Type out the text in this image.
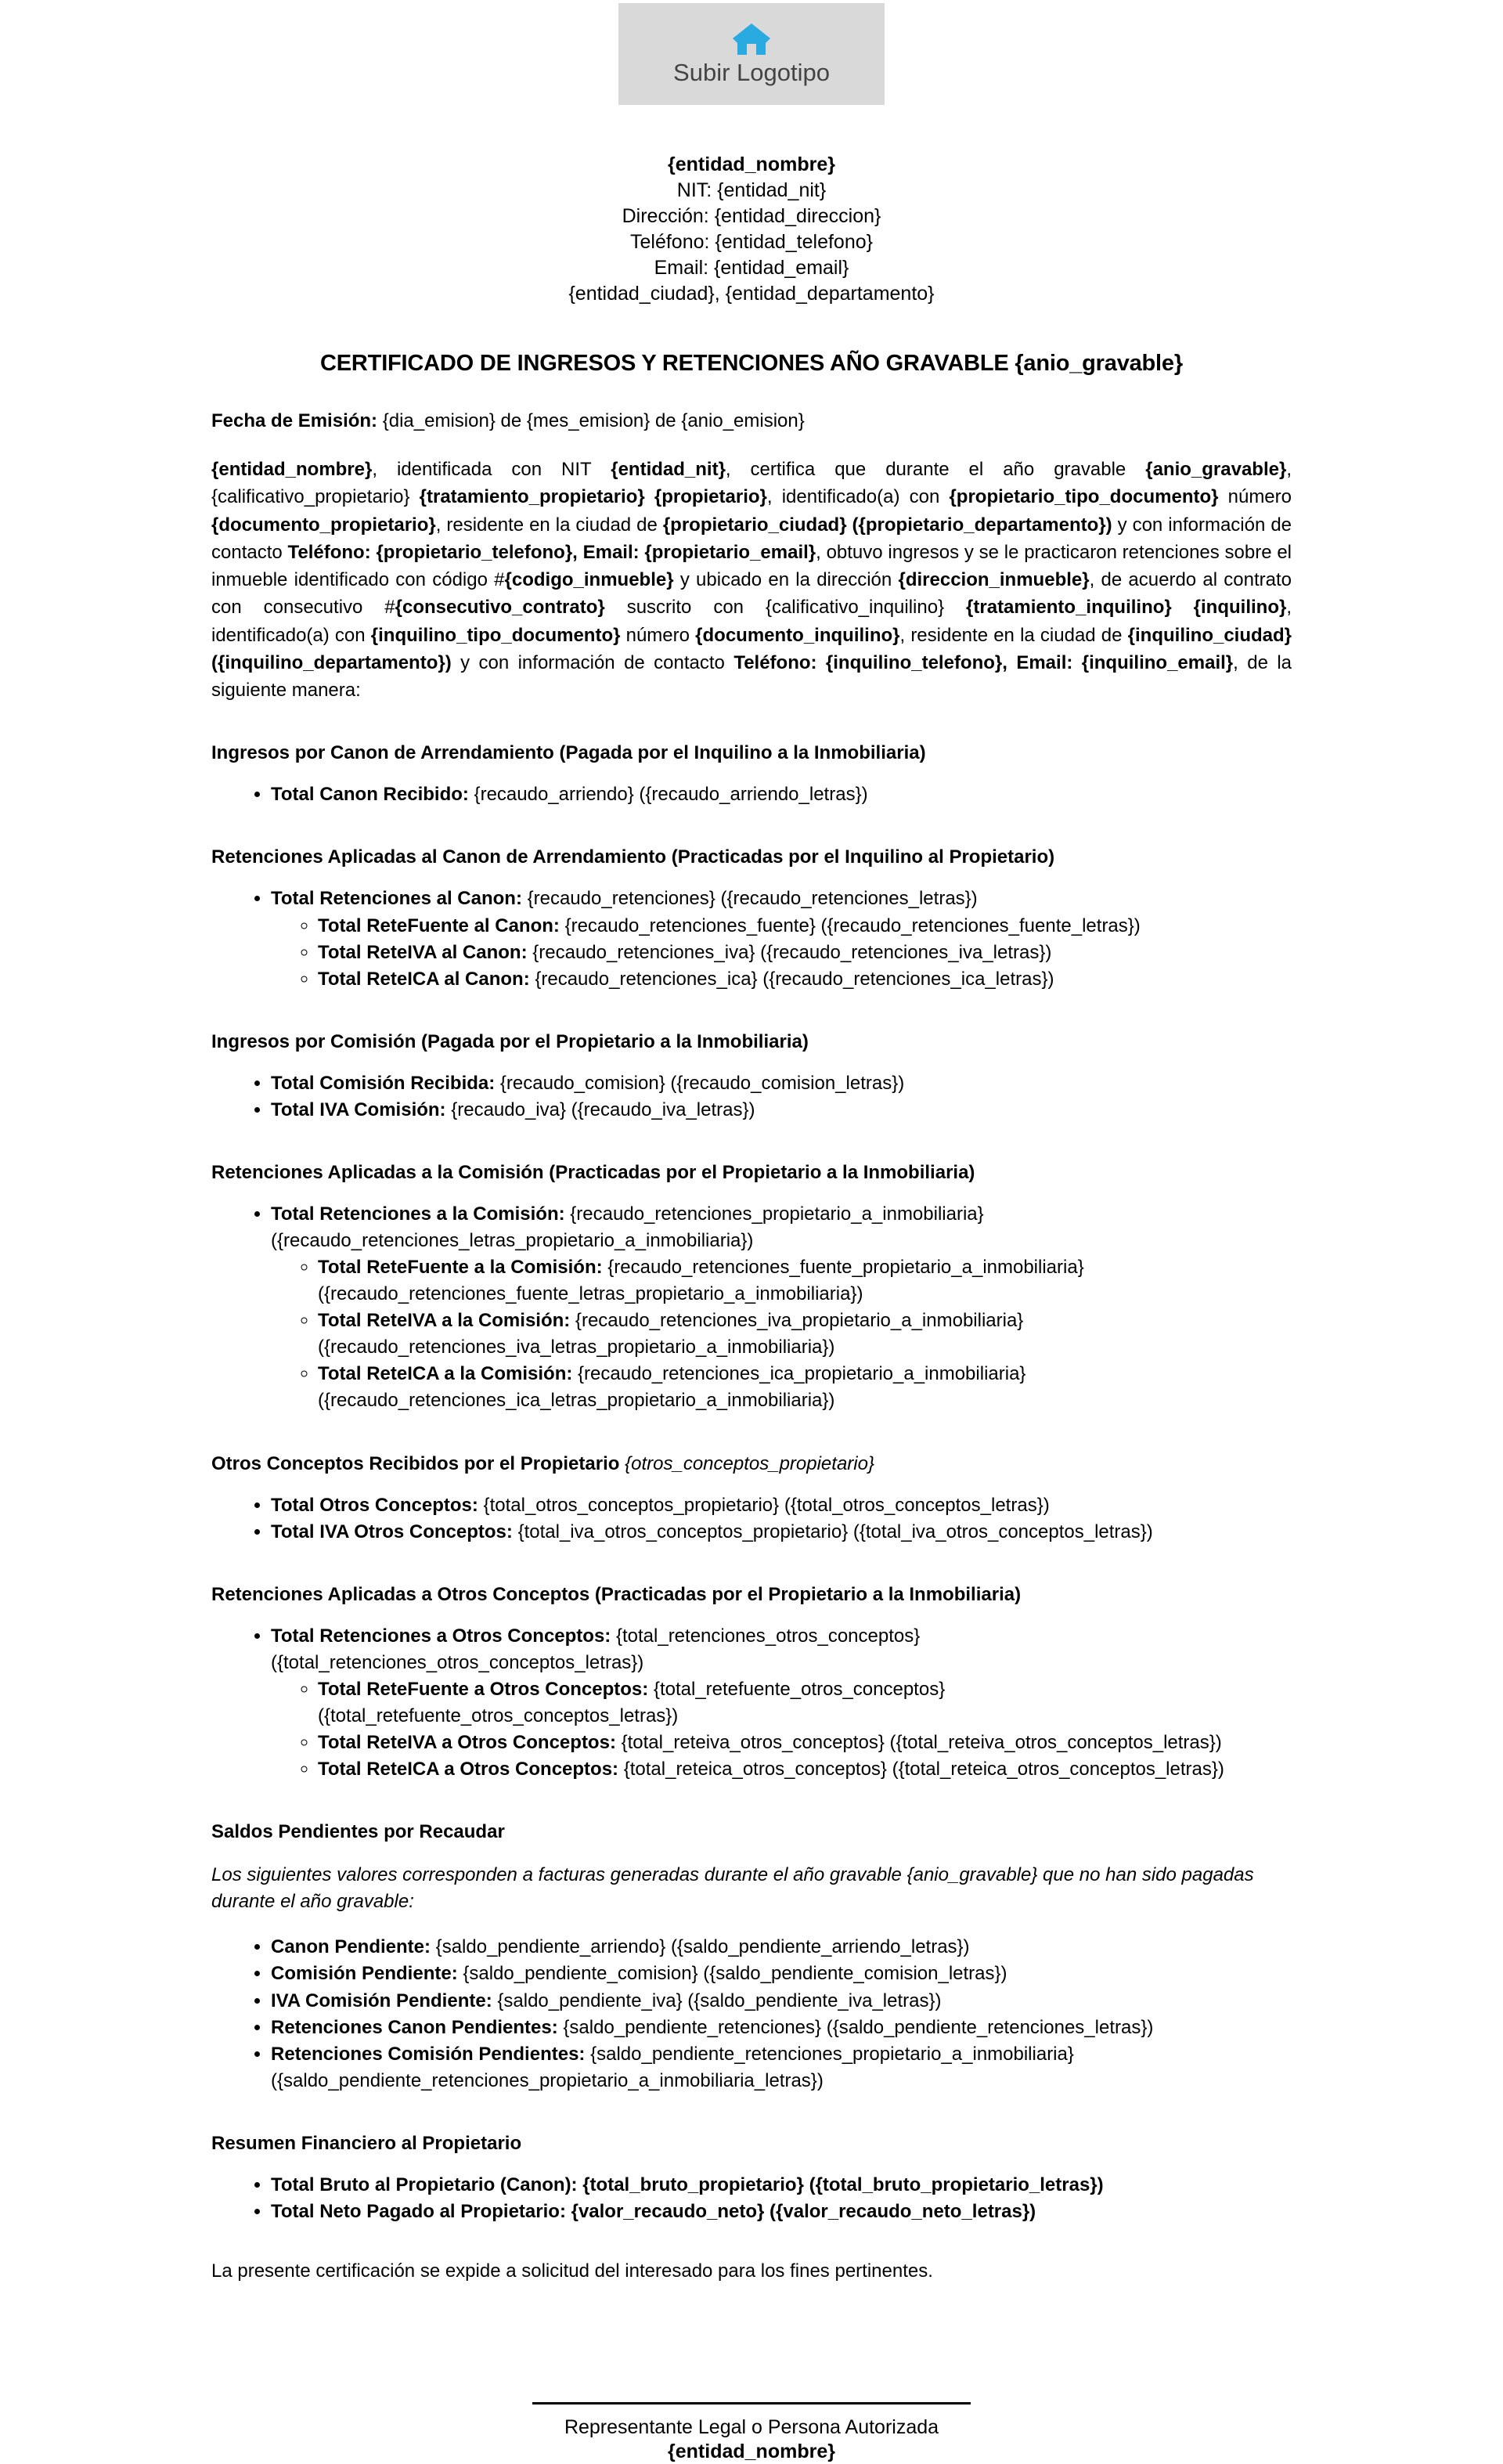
Subir Logotipo
{entidad_nombre}
NIT: {entidad_nit}
Dirección: {entidad_direccion}
Teléfono: {entidad_telefono}
Email: {entidad_email}
{entidad_ciudad}, {entidad_departamento}
CERTIFICADO DE INGRESOS Y RETENCIONES AÑO GRAVABLE {anio_gravable}
Fecha de Emisión: {dia_emision} de {mes_emision} de {anio_emision}

{entidad_nombre}, identificada con NIT {entidad_nit}, certifica que durante el año gravable {anio_gravable}, {calificativo_propietario} {tratamiento_propietario} {propietario}, identificado(a) con {propietario_tipo_documento} número {documento_propietario}, residente en la ciudad de {propietario_ciudad} ({propietario_departamento}) y con información de contacto Teléfono: {propietario_telefono}, Email: {propietario_email}, obtuvo ingresos y se le practicaron retenciones sobre el inmueble identificado con código #{codigo_inmueble} y ubicado en la dirección {direccion_inmueble}, de acuerdo al contrato con consecutivo #{consecutivo_contrato} suscrito con {calificativo_inquilino} {tratamiento_inquilino} {inquilino}, identificado(a) con {inquilino_tipo_documento} número {documento_inquilino}, residente en la ciudad de {inquilino_ciudad} ({inquilino_departamento}) y con información de contacto Teléfono: {inquilino_telefono}, Email: {inquilino_email}, de la siguiente manera:

Ingresos por Canon de Arrendamiento (Pagada por el Inquilino a la Inmobiliaria)
• Total Canon Recibido: {recaudo_arriendo} ({recaudo_arriendo_letras})
Retenciones Aplicadas al Canon de Arrendamiento (Practicadas por el Inquilino al Propietario)
• Total Retenciones al Canon: {recaudo_retenciones} ({recaudo_retenciones_letras})
◦ Total ReteFuente al Canon: {recaudo_retenciones_fuente} ({recaudo_retenciones_fuente_letras})
◦ Total ReteIVA al Canon: {recaudo_retenciones_iva} ({recaudo_retenciones_iva_letras})
◦ Total ReteICA al Canon: {recaudo_retenciones_ica} ({recaudo_retenciones_ica_letras})
Ingresos por Comisión (Pagada por el Propietario a la Inmobiliaria)
• Total Comisión Recibida: {recaudo_comision} ({recaudo_comision_letras})
• Total IVA Comisión: {recaudo_iva} ({recaudo_iva_letras})
Retenciones Aplicadas a la Comisión (Practicadas por el Propietario a la Inmobiliaria)
• Total Retenciones a la Comisión: {recaudo_retenciones_propietario_a_inmobiliaria} ({recaudo_retenciones_letras_propietario_a_inmobiliaria})
◦ Total ReteFuente a la Comisión: {recaudo_retenciones_fuente_propietario_a_inmobiliaria} ({recaudo_retenciones_fuente_letras_propietario_a_inmobiliaria})
◦ Total ReteIVA a la Comisión: {recaudo_retenciones_iva_propietario_a_inmobiliaria} ({recaudo_retenciones_iva_letras_propietario_a_inmobiliaria})
◦ Total ReteICA a la Comisión: {recaudo_retenciones_ica_propietario_a_inmobiliaria} ({recaudo_retenciones_ica_letras_propietario_a_inmobiliaria})
Otros Conceptos Recibidos por el Propietario {otros_conceptos_propietario}
• Total Otros Conceptos: {total_otros_conceptos_propietario} ({total_otros_conceptos_letras})
• Total IVA Otros Conceptos: {total_iva_otros_conceptos_propietario} ({total_iva_otros_conceptos_letras})
Retenciones Aplicadas a Otros Conceptos (Practicadas por el Propietario a la Inmobiliaria)
• Total Retenciones a Otros Conceptos: {total_retenciones_otros_conceptos} ({total_retenciones_otros_conceptos_letras})
◦ Total ReteFuente a Otros Conceptos: {total_retefuente_otros_conceptos} ({total_retefuente_otros_conceptos_letras})
◦ Total ReteIVA a Otros Conceptos: {total_reteiva_otros_conceptos} ({total_reteiva_otros_conceptos_letras})
◦ Total ReteICA a Otros Conceptos: {total_reteica_otros_conceptos} ({total_reteica_otros_conceptos_letras})
Saldos Pendientes por Recaudar

Los siguientes valores corresponden a facturas generadas durante el año gravable {anio_gravable} que no han sido pagadas durante el año gravable:

• Canon Pendiente: {saldo_pendiente_arriendo} ({saldo_pendiente_arriendo_letras})
• Comisión Pendiente: {saldo_pendiente_comision} ({saldo_pendiente_comision_letras})
• IVA Comisión Pendiente: {saldo_pendiente_iva} ({saldo_pendiente_iva_letras})
• Retenciones Canon Pendientes: {saldo_pendiente_retenciones} ({saldo_pendiente_retenciones_letras})
• Retenciones Comisión Pendientes: {saldo_pendiente_retenciones_propietario_a_inmobiliaria} ({saldo_pendiente_retenciones_propietario_a_inmobiliaria_letras})
Resumen Financiero al Propietario
• Total Bruto al Propietario (Canon): {total_bruto_propietario} ({total_bruto_propietario_letras})
• Total Neto Pagado al Propietario: {valor_recaudo_neto} ({valor_recaudo_neto_letras})

La presente certificación se expide a solicitud del interesado para los fines pertinentes.

Representante Legal o Persona Autorizada
{entidad_nombre}
